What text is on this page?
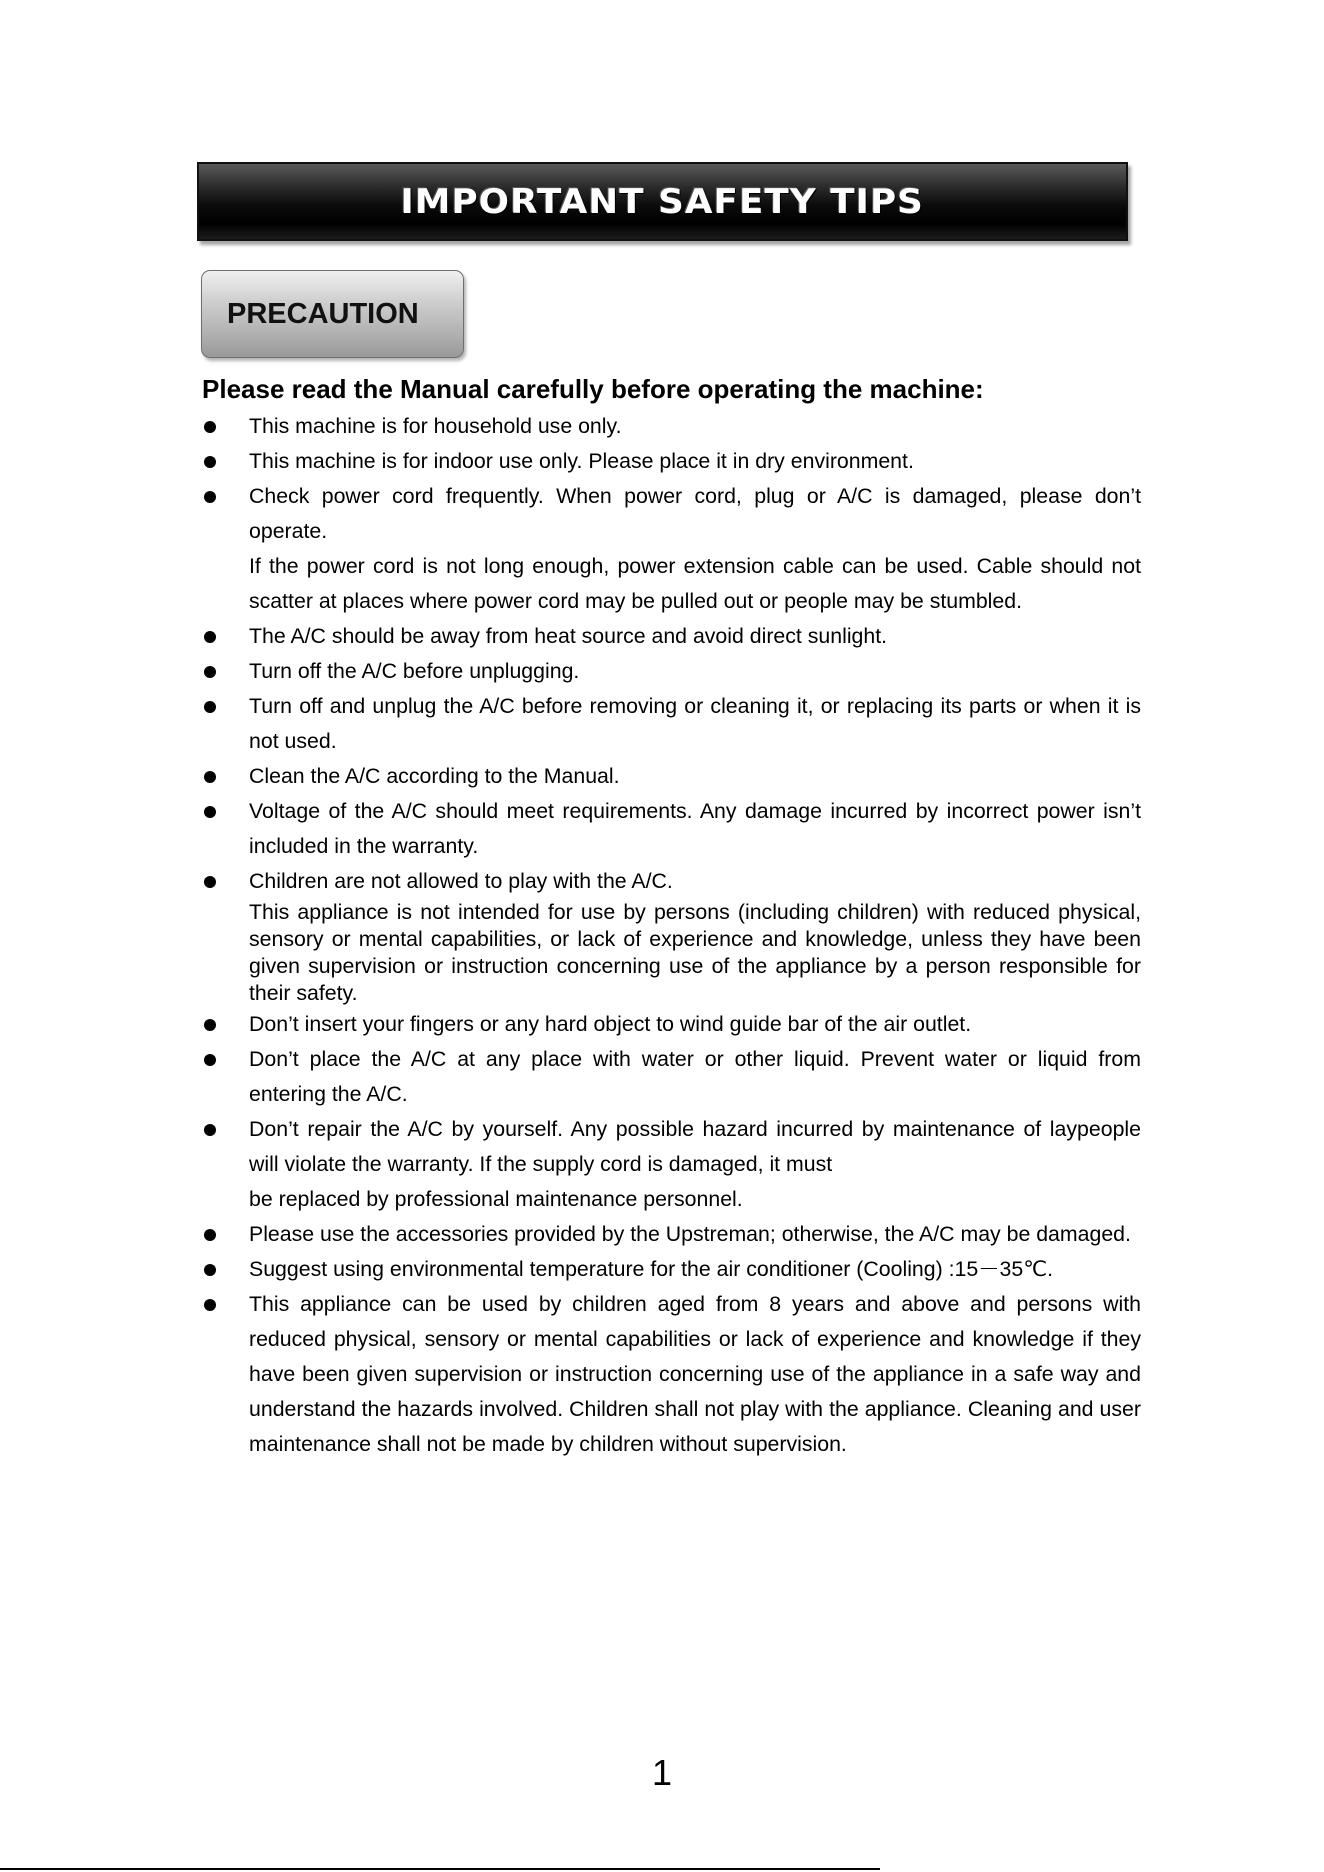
IMPORTANT SAFETY TIPS
PRECAUTION
Please read the Manual carefully before operating the machine:

This machine is for household use only.

This machine is for indoor use only. Please place it in dry environment.

Check power cord frequently. When power cord, plug or A/C is damaged, please don’t operate.

If the power cord is not long enough, power extension cable can be used. Cable should not scatter at places where power cord may be pulled out or people may be stumbled.

The A/C should be away from heat source and avoid direct sunlight.

Turn off the A/C before unplugging.

Turn off and unplug the A/C before removing or cleaning it, or replacing its parts or when it is not used.

Clean the A/C according to the Manual.

Voltage of the A/C should meet requirements. Any damage incurred by incorrect power isn’t included in the warranty.

Children are not allowed to play with the A/C.

This appliance is not intended for use by persons (including children) with reduced physical, sensory or mental capabilities, or lack of experience and knowledge, unless they have been given supervision or instruction concerning use of the appliance by a person responsible for their safety.

Don’t insert your fingers or any hard object to wind guide bar of the air outlet.

Don’t place the A/C at any place with water or other liquid. Prevent water or liquid from entering the A/C.

Don’t repair the A/C by yourself. Any possible hazard incurred by maintenance of laypeople will violate the warranty. If the supply cord is damaged, it must

be replaced by professional maintenance personnel.

Please use the accessories provided by the Upstreman; otherwise, the A/C may be damaged.

Suggest using environmental temperature for the air conditioner (Cooling) :15－35℃.

This appliance can be used by children aged from 8 years and above and persons with reduced physical, sensory or mental capabilities or lack of experience and knowledge if they have been given supervision or instruction concerning use of the appliance in a safe way and understand the hazards involved. Children shall not play with the appliance. Cleaning and user maintenance shall not be made by children without supervision.

1
